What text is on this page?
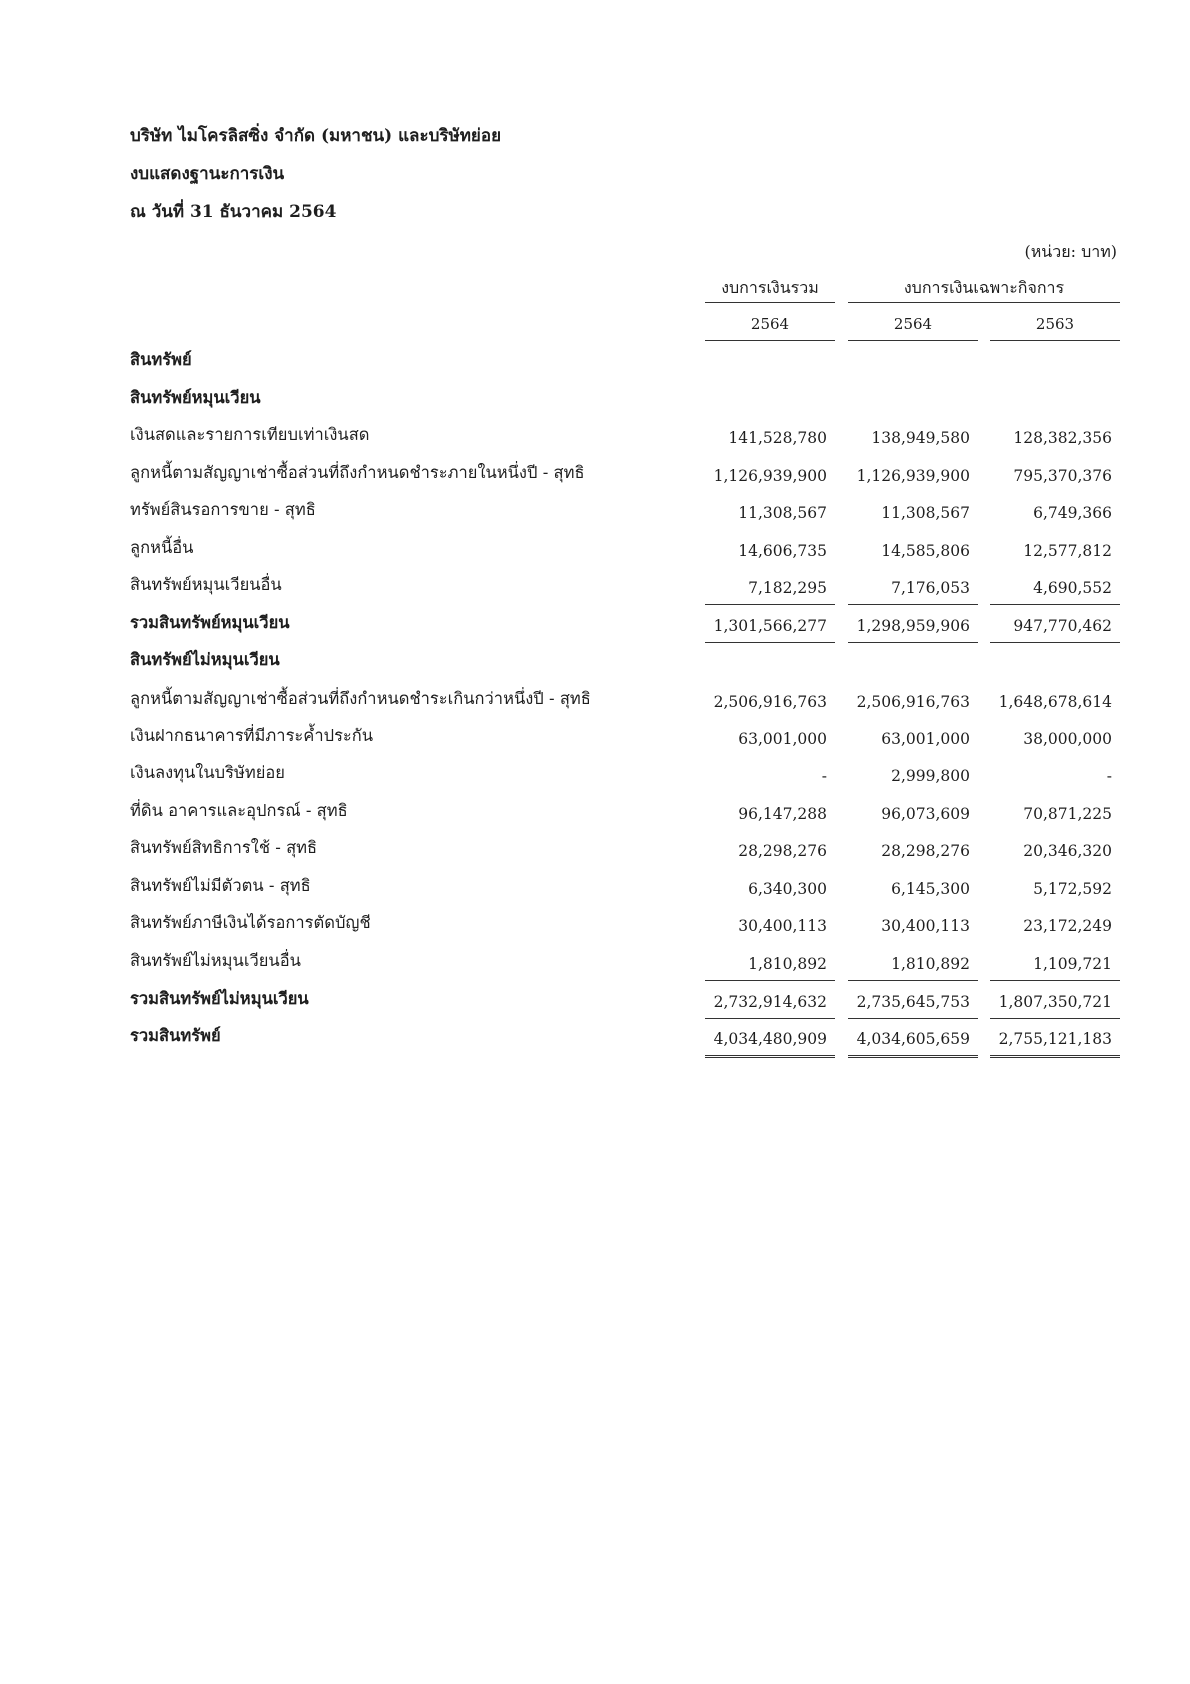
บริษัท ไมโครลิสซิ่ง จำกัด (มหาชน) และบริษัทย่อย
งบแสดงฐานะการเงิน
ณ วันที่ 31 ธันวาคม 2564
(หน่วย: บาท)
งบการเงินรวม	งบการเงินเฉพาะกิจการ
2564	2564	2563
สินทรัพย์
สินทรัพย์หมุนเวียน
เงินสดและรายการเทียบเท่าเงินสด	141,528,780	138,949,580	128,382,356
ลูกหนี้ตามสัญญาเช่าซื้อส่วนที่ถึงกำหนดชำระภายในหนึ่งปี - สุทธิ	1,126,939,900	1,126,939,900	795,370,376
ทรัพย์สินรอการขาย - สุทธิ	11,308,567	11,308,567	6,749,366
ลูกหนี้อื่น	14,606,735	14,585,806	12,577,812
สินทรัพย์หมุนเวียนอื่น	7,182,295	7,176,053	4,690,552
รวมสินทรัพย์หมุนเวียน	1,301,566,277	1,298,959,906	947,770,462
สินทรัพย์ไม่หมุนเวียน
ลูกหนี้ตามสัญญาเช่าซื้อส่วนที่ถึงกำหนดชำระเกินกว่าหนึ่งปี - สุทธิ	2,506,916,763	2,506,916,763	1,648,678,614
เงินฝากธนาคารที่มีภาระค้ำประกัน	63,001,000	63,001,000	38,000,000
เงินลงทุนในบริษัทย่อย	-	2,999,800	-
ที่ดิน อาคารและอุปกรณ์ - สุทธิ	96,147,288	96,073,609	70,871,225
สินทรัพย์สิทธิการใช้ - สุทธิ	28,298,276	28,298,276	20,346,320
สินทรัพย์ไม่มีตัวตน - สุทธิ	6,340,300	6,145,300	5,172,592
สินทรัพย์ภาษีเงินได้รอการตัดบัญชี	30,400,113	30,400,113	23,172,249
สินทรัพย์ไม่หมุนเวียนอื่น	1,810,892	1,810,892	1,109,721
รวมสินทรัพย์ไม่หมุนเวียน	2,732,914,632	2,735,645,753	1,807,350,721
รวมสินทรัพย์	4,034,480,909	4,034,605,659	2,755,121,183
